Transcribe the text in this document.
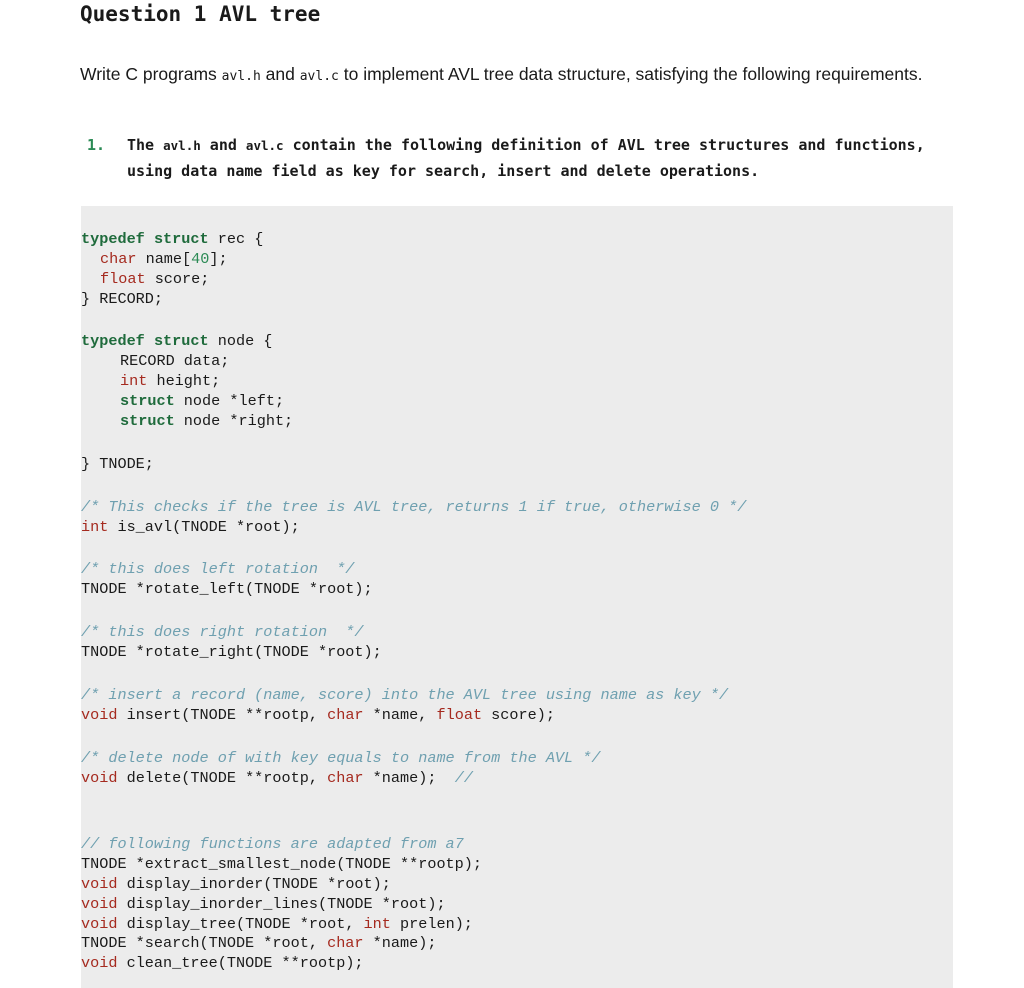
Question 1 AVL tree

Write C programs avl.h and avl.c to implement AVL tree data structure, satisfying the following requirements.

1. The avl.h and avl.c contain the following definition of AVL tree structures and functions, using data name field as key for search, insert and delete operations.
typedef struct rec {
char name[40];
float score;
} RECORD;
typedef struct node {
RECORD data;
int height;
struct node *left;
struct node *right;
} TNODE;
/* This checks if the tree is AVL tree, returns 1 if true, otherwise 0 */
int is_avl(TNODE *root);
/* this does left rotation  */
TNODE *rotate_left(TNODE *root);
/* this does right rotation  */
TNODE *rotate_right(TNODE *root);
/* insert a record (name, score) into the AVL tree using name as key */
void insert(TNODE **rootp, char *name, float score);
/* delete node of with key equals to name from the AVL */
void delete(TNODE **rootp, char *name);  //
// following functions are adapted from a7
TNODE *extract_smallest_node(TNODE **rootp);
void display_inorder(TNODE *root);
void display_inorder_lines(TNODE *root);
void display_tree(TNODE *root, int prelen);
TNODE *search(TNODE *root, char *name);
void clean_tree(TNODE **rootp);
